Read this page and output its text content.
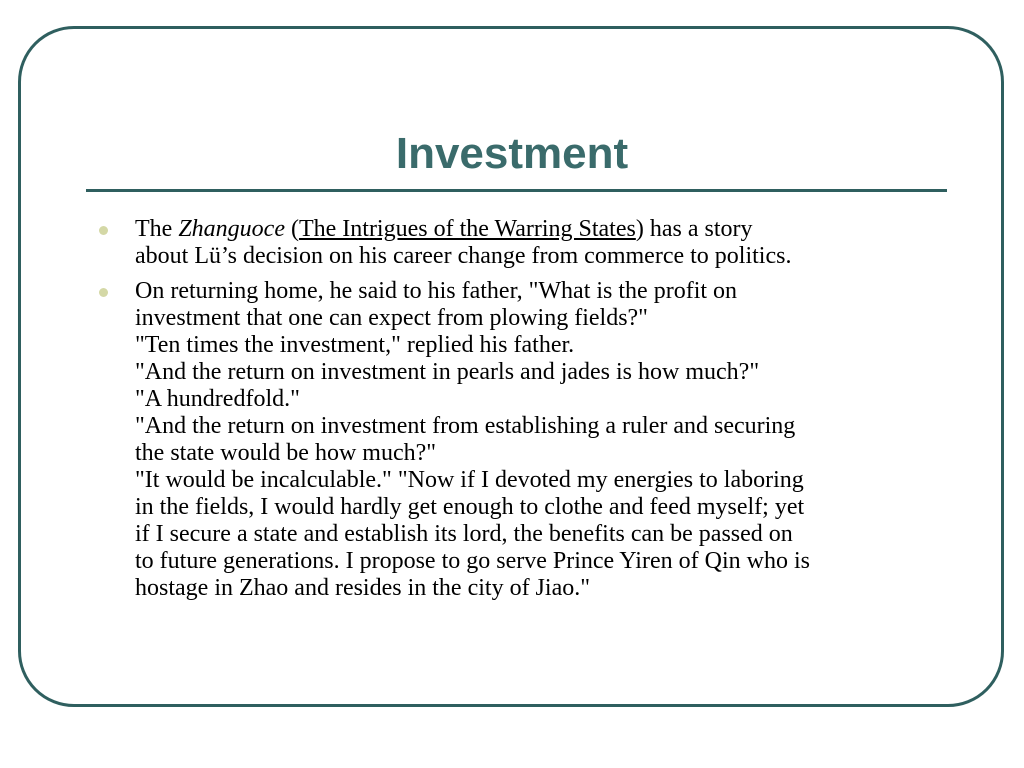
Investment
The Zhanguoce (The Intrigues of the Warring States) has a story
about Lü’s decision on his career change from commerce to politics.
On returning home, he said to his father, "What is the profit on
investment that one can expect from plowing fields?"
"Ten times the investment," replied his father.
"And the return on investment in pearls and jades is how much?"
"A hundredfold."
"And the return on investment from establishing a ruler and securing
the state would be how much?"
"It would be incalculable." "Now if I devoted my energies to laboring
in the fields, I would hardly get enough to clothe and feed myself; yet
if I secure a state and establish its lord, the benefits can be passed on
to future generations. I propose to go serve Prince Yiren of Qin who is
hostage in Zhao and resides in the city of Jiao."
